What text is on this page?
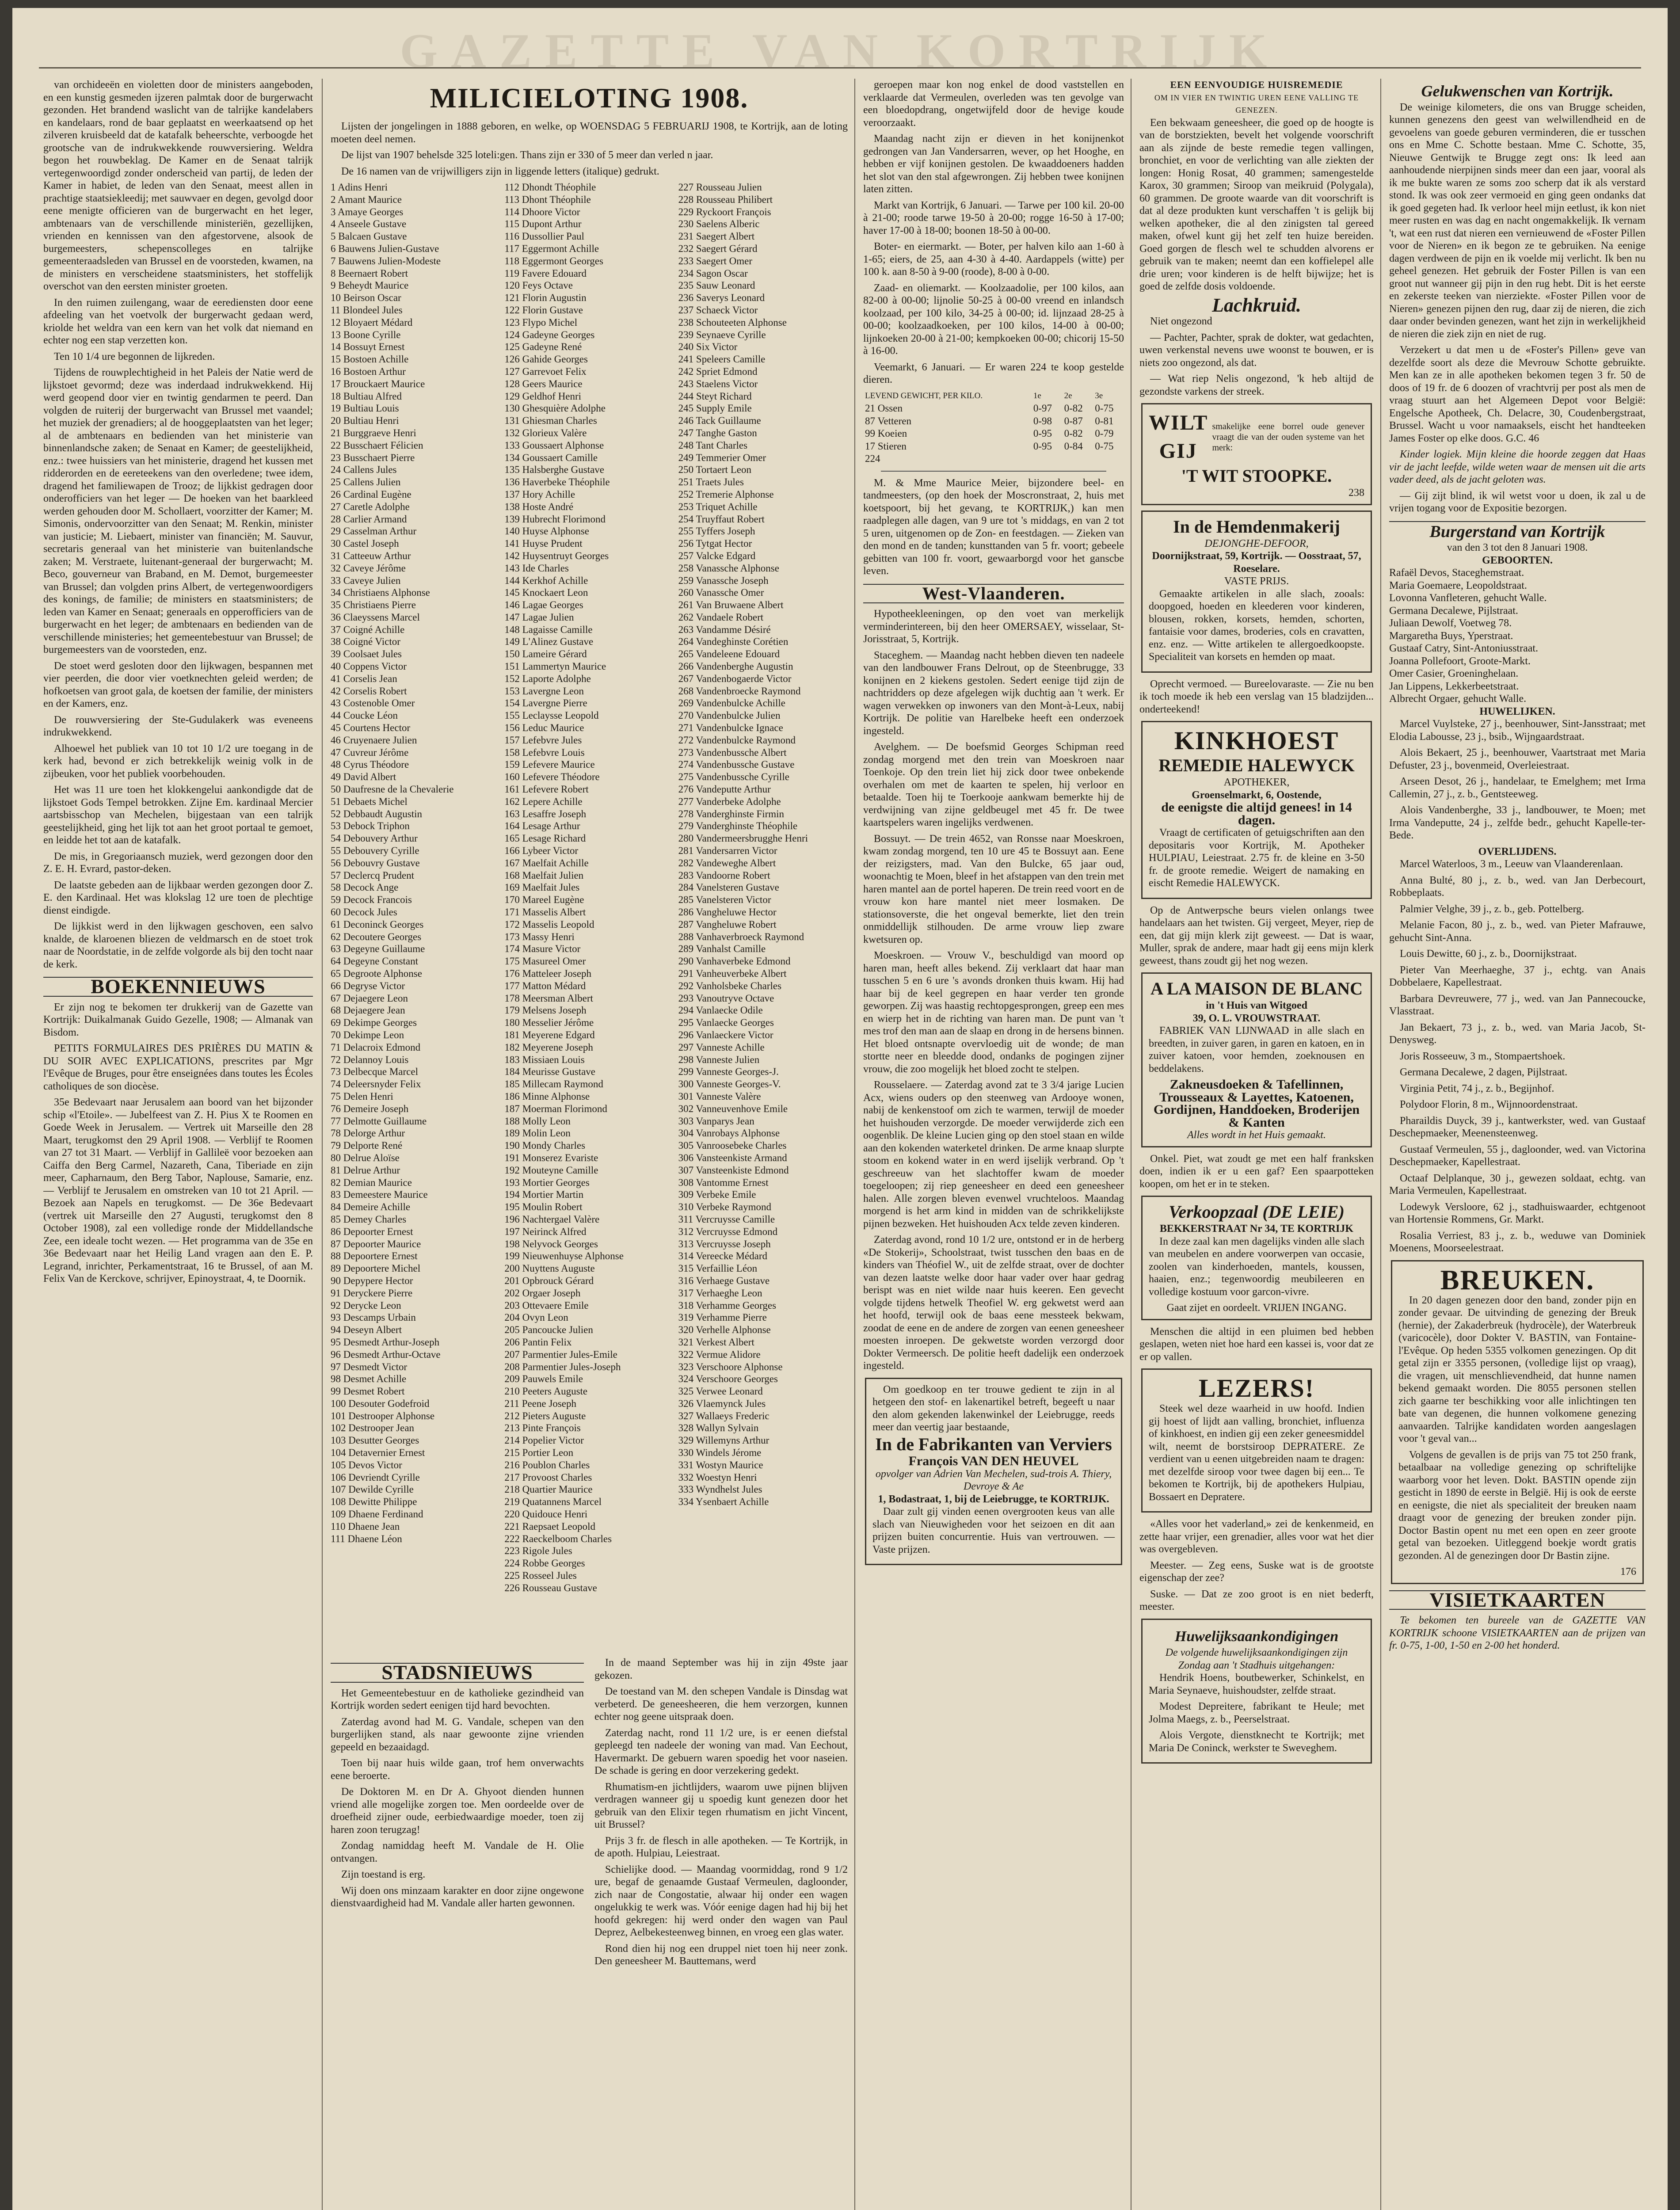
GAZETTE VAN KORTRIJK

van orchideeën en violetten door de ministers aangeboden, en een kunstig gesmeden ijzeren palmtak door de burgerwacht gezonden. Het brandend waslicht van de talrijke kandelabers en kandelaars, rond de baar geplaatst en weerkaatsend op het zilveren kruisbeeld dat de katafalk beheerschte, verboogde het grootsche van de indrukwekkende rouwversiering. Weldra begon het rouwbeklag. De Kamer en de Senaat talrijk vertegenwoordigd zonder onderscheid van partij, de leden der Kamer in habiet, de leden van den Senaat, meest allen in prachtige staatsiekleedij; met sauwvaer en degen, gevolgd door eene menigte officieren van de burgerwacht en het leger, ambtenaars van de verschillende ministeriën, gezellijken, vrienden en kennissen van den afgestorvene, alsook de burgemeesters, schepenscolleges en talrijke gemeenteraadsleden van Brussel en de voorsteden, kwamen, na de ministers en verscheidene staatsministers, het stoffelijk overschot van den eersten minister groeten.

In den ruimen zuilengang, waar de eerediensten door eene afdeeling van het voetvolk der burgerwacht gedaan werd, kriolde het weldra van een kern van het volk dat niemand en echter nog een stap verzetten kon.

Ten 10 1/4 ure begonnen de lijkreden.

Tijdens de rouwplechtigheid in het Paleis der Natie werd de lijkstoet gevormd; deze was inderdaad indrukwekkend. Hij werd geopend door vier en twintig gendarmen te peerd. Dan volgden de ruiterij der burgerwacht van Brussel met vaandel; het muziek der grenadiers; al de hooggeplaatsten van het leger; al de ambtenaars en bedienden van het ministerie van binnenlandsche zaken; de Senaat en Kamer; de geestelijkheid, enz.: twee huissiers van het ministerie, dragend het kussen met ridderorden en de eereteekens van den overledene; twee idem, dragend het familiewapen de Trooz; de lijkkist gedragen door onderofficiers van het leger — De hoeken van het baarkleed werden gehouden door M. Schollaert, voorzitter der Kamer; M. Simonis, ondervoorzitter van den Senaat; M. Renkin, minister van justicie; M. Liebaert, minister van financiën; M. Sauvur, secretaris generaal van het ministerie van buitenlandsche zaken; M. Verstraete, luitenant-generaal der burgerwacht; M. Beco, gouverneur van Braband, en M. Demot, burgemeester van Brussel; dan volgden prins Albert, de vertegenwoordigers des konings, de familie; de ministers en staatsministers; de leden van Kamer en Senaat; generaals en opperofficiers van de burgerwacht en het leger; de ambtenaars en bedienden van de verschillende ministeries; het gemeentebestuur van Brussel; de burgemeesters van de voorsteden, enz.

De stoet werd gesloten door den lijkwagen, bespannen met vier peerden, die door vier voetknechten geleid werden; de hofkoetsen van groot gala, de koetsen der familie, der ministers en der Kamers, enz.

De rouwversiering der Ste-Gudulakerk was eveneens indrukwekkend.

Alhoewel het publiek van 10 tot 10 1/2 ure toegang in de kerk had, bevond er zich betrekkelijk weinig volk in de zijbeuken, voor het publiek voorbehouden.

Het was 11 ure toen het klokkengelui aankondigde dat de lijkstoet Gods Tempel betrokken. Zijne Em. kardinaal Mercier aartsbisschop van Mechelen, bijgestaan van een talrijk geestelijkheid, ging het lijk tot aan het groot portaal te gemoet, en leidde het tot aan de katafalk.

De mis, in Gregoriaansch muziek, werd gezongen door den Z. E. H. Evrard, pastor-deken.

De laatste gebeden aan de lijkbaar werden gezongen door Z. E. den Kardinaal. Het was klokslag 12 ure toen de plechtige dienst eindigde.

De lijkkist werd in den lijkwagen geschoven, een salvo knalde, de klaroenen bliezen de veldmarsch en de stoet trok naar de Noordstatie, in de zelfde volgorde als bij den tocht naar de kerk.

BOEKENNIEUWS

Er zijn nog te bekomen ter drukkerij van de Gazette van Kortrijk: Duikalmanak Guido Gezelle, 1908; — Almanak van Bisdom.

PETITS FORMULAIRES DES PRIÈRES DU MATIN & DU SOIR AVEC EXPLICATIONS, prescrites par Mgr l'Evêque de Bruges, pour être enseignées dans toutes les Écoles catholiques de son diocèse.

35e Bedevaart naar Jerusalem aan boord van het bijzonder schip «l'Etoile». — Jubelfeest van Z. H. Pius X te Roomen en Goede Week in Jerusalem. — Vertrek uit Marseille den 28 Maart, terugkomst den 29 April 1908. — Verblijf te Roomen van 27 tot 31 Maart. — Verblijf in Gallileë voor bezoeken aan Caiffa den Berg Carmel, Nazareth, Cana, Tiberiade en zijn meer, Capharnaum, den Berg Tabor, Naplouse, Samarie, enz. — Verblijf te Jerusalem en omstreken van 10 tot 21 April. — Bezoek aan Napels en terugkomst. — De 36e Bedevaart (vertrek uit Marseille den 27 Augusti, terugkomst den 8 October 1908), zal een volledige ronde der Middellandsche Zee, een ideale tocht wezen. — Het programma van de 35e en 36e Bedevaart naar het Heilig Land vragen aan den E. P. Legrand, inrichter, Perkamentstraat, 16 te Brussel, of aan M. Felix Van de Kerckove, schrijver, Epinoystraat, 4, te Doornik.

MILICIELOTING 1908.

Lijsten der jongelingen in 1888 geboren, en welke, op WOENSDAG 5 FEBRUARIJ 1908, te Kortrijk, aan de loting moeten deel nemen.

De lijst van 1907 behelsde 325 loteli:gen. Thans zijn er 330 of 5 meer dan verled n jaar.

De 16 namen van de vrijwilligers zijn in liggende letters (italique) gedrukt.

1 Adins Henri
2 Amant Maurice
3 Amaye Georges
4 Anseele Gustave
5 Balcaen Gustave
6 Bauwens Julien-Gustave
7 Bauwens Julien-Modeste
8 Beernaert Robert
9 Beheydt Maurice
10 Beirson Oscar
11 Blondeel Jules
12 Bloyaert Médard
13 Boone Cyrille
14 Bossuyt Ernest
15 Bostoen Achille
16 Bostoen Arthur
17 Brouckaert Maurice
18 Bultiau Alfred
19 Bultiau Louis
20 Bultiau Henri
21 Burggraeve Henri
22 Busschaert Félicien
23 Busschaert Pierre
24 Callens Jules
25 Callens Julien
26 Cardinal Eugène
27 Caretle Adolphe
28 Carlier Armand
29 Casselman Arthur
30 Castel Joseph
31 Catteeuw Arthur
32 Caveye Jérôme
33 Caveye Julien
34 Christiaens Alphonse
35 Christiaens Pierre
36 Claeyssens Marcel
37 Coigné Achille
38 Coigné Victor
39 Coolsaet Jules
40 Coppens Victor
41 Corselis Jean
42 Corselis Robert
43 Costenoble Omer
44 Coucke Léon
45 Courtens Hector
46 Cruyenaere Julien
47 Cuvreur Jérôme
48 Cyrus Théodore
49 David Albert
50 Daufresne de la Chevalerie
51 Debaets Michel
52 Debbaudt Augustin
53 Debock Triphon
54 Debouvery Arthur
55 Debouvery Cyrille
56 Debouvry Gustave
57 Declercq Prudent
58 Decock Ange
59 Decock Francois
60 Decock Jules
61 Deconinck Georges
62 Decoutere Georges
63 Degeyne Guillaume
64 Degeyne Constant
65 Degroote Alphonse
66 Degryse Victor
67 Dejaegere Leon
68 Dejaegere Jean
69 Dekimpe Georges
70 Dekimpe Leon
71 Delacroix Edmond
72 Delannoy Louis
73 Delbecque Marcel
74 Deleersnyder Felix
75 Delen Henri
76 Demeire Joseph
77 Delmotte Guillaume
78 Delorge Arthur
79 Delporte René
80 Delrue Aloïse
81 Delrue Arthur
82 Demian Maurice
83 Demeestere Maurice
84 Demeire Achille
85 Demey Charles
86 Depoorter Ernest
87 Depoorter Maurice
88 Depoortere Ernest
89 Depoortere Michel
90 Depypere Hector
91 Deryckere Pierre
92 Derycke Leon
93 Descamps Urbain
94 Deseyn Albert
95 Desmedt Arthur-Joseph
96 Desmedt Arthur-Octave
97 Desmedt Victor
98 Desmet Achille
99 Desmet Robert
100 Desouter Godefroid
101 Destrooper Alphonse
102 Destrooper Jean
103 Desutter Georges
104 Detavernier Ernest
105 Devos Victor
106 Devriendt Cyrille
107 Dewilde Cyrille
108 Dewitte Philippe
109 Dhaene Ferdinand
110 Dhaene Jean
111 Dhaene Léon
112 Dhondt Théophile
113 Dhont Théophile
114 Dhoore Victor
115 Dupont Arthur
116 Dussollier Paul
117 Eggermont Achille
118 Eggermont Georges
119 Favere Edouard
120 Feys Octave
121 Florin Augustin
122 Florin Gustave
123 Flypo Michel
124 Gadeyne Georges
125 Gadeyne René
126 Gahide Georges
127 Garrevoet Felix
128 Geers Maurice
129 Geldhof Henri
130 Ghesquière Adolphe
131 Ghiesman Charles
132 Glorieux Valère
133 Goussaert Alphonse
134 Goussaert Camille
135 Halsberghe Gustave
136 Haverbeke Théophile
137 Hory Achille
138 Hoste André
139 Hubrecht Florimond
140 Huyse Alphonse
141 Huyse Prudent
142 Huysentruyt Georges
143 Ide Charles
144 Kerkhof Achille
145 Knockaert Leon
146 Lagae Georges
147 Lagae Julien
148 Lagaisse Camille
149 L'Alinez Gustave
150 Lameire Gérard
151 Lammertyn Maurice
152 Laporte Adolphe
153 Lavergne Leon
154 Lavergne Pierre
155 Leclaysse Leopold
156 Leduc Maurice
157 Lefebvre Jules
158 Lefebvre Louis
159 Lefevere Maurice
160 Lefevere Théodore
161 Lefevere Robert
162 Lepere Achille
163 Lesaffre Joseph
164 Lesage Arthur
165 Lesage Richard
166 Lybeer Victor
167 Maelfait Achille
168 Maelfait Julien
169 Maelfait Jules
170 Mareel Eugène
171 Masselis Albert
172 Masselis Leopold
173 Massy Henri
174 Masure Victor
175 Masureel Omer
176 Matteleer Joseph
177 Matton Médard
178 Meersman Albert
179 Melsens Joseph
180 Messelier Jérôme
181 Meyerene Edgard
182 Meyerene Joseph
183 Missiaen Louis
184 Meurisse Gustave
185 Millecam Raymond
186 Minne Alphonse
187 Moerman Florimond
188 Molly Leon
189 Molin Leon
190 Mondy Charles
191 Monserez Evariste
192 Mouteyne Camille
193 Mortier Georges
194 Mortier Martin
195 Moulin Robert
196 Nachtergael Valère
197 Neirinck Alfred
198 Nelyvock Georges
199 Nieuwenhuyse Alphonse
200 Nuyttens Auguste
201 Opbrouck Gérard
202 Orgaer Joseph
203 Ottevaere Emile
204 Ovyn Leon
205 Pancoucke Julien
206 Pantin Felix
207 Parmentier Jules-Emile
208 Parmentier Jules-Joseph
209 Pauwels Emile
210 Peeters Auguste
211 Peene Joseph
212 Pieters Auguste
213 Pinte François
214 Popelier Victor
215 Portier Leon
216 Poublon Charles
217 Provoost Charles
218 Quartier Maurice
219 Quatannens Marcel
220 Quidouce Henri
221 Raepsaet Leopold
222 Raeckelboom Charles
223 Rigole Jules
224 Robbe Georges
225 Rosseel Jules
226 Rousseau Gustave
227 Rousseau Julien
228 Rousseau Philibert
229 Ryckoort François
230 Saelens Alberic
231 Saegert Albert
232 Saegert Gérard
233 Saegert Omer
234 Sagon Oscar
235 Sauw Leonard
236 Saverys Leonard
237 Schaeck Victor
238 Schouteeten Alphonse
239 Seynaeve Cyrille
240 Six Victor
241 Speleers Camille
242 Spriet Edmond
243 Staelens Victor
244 Steyt Richard
245 Supply Emile
246 Tack Guillaume
247 Tanghe Gaston
248 Tant Charles
249 Temmerier Omer
250 Tortaert Leon
251 Traets Jules
252 Tremerie Alphonse
253 Triquet Achille
254 Truyffaut Robert
255 Tyffers Joseph
256 Tytgat Hector
257 Valcke Edgard
258 Vanassche Alphonse
259 Vanassche Joseph
260 Vanassche Omer
261 Van Bruwaene Albert
262 Vandaele Robert
263 Vandamme Désiré
264 Vandeghinste Corétien
265 Vandeleene Edouard
266 Vandenberghe Augustin
267 Vandenbogaerde Victor
268 Vandenbroecke Raymond
269 Vandenbulcke Achille
270 Vandenbulcke Julien
271 Vandenbulcke Ignace
272 Vandenbulcke Raymond
273 Vandenbussche Albert
274 Vandenbussche Gustave
275 Vandenbussche Cyrille
276 Vandeputte Arthur
277 Vanderbeke Adolphe
278 Vanderghinste Firmin
279 Vanderghinste Théophile
280 Vandermeersbrugghe Henri
281 Vandersarren Victor
282 Vandeweghe Albert
283 Vandoorne Robert
284 Vanelsteren Gustave
285 Vanelsteren Victor
286 Vangheluwe Hector
287 Vangheluwe Robert
288 Vanhaverbroeck Raymond
289 Vanhalst Camille
290 Vanhaverbeke Edmond
291 Vanheuverbeke Albert
292 Vanholsbeke Charles
293 Vanoutryve Octave
294 Vanlaecke Odile
295 Vanlaecke Georges
296 Vanlaeckere Victor
297 Vanneste Achille
298 Vanneste Julien
299 Vanneste Georges-J.
300 Vanneste Georges-V.
301 Vanneste Valère
302 Vanneuvenhove Emile
303 Vanparys Jean
304 Vanrobays Alphonse
305 Vanroosebeke Charles
306 Vansteenkiste Armand
307 Vansteenkiste Edmond
308 Vantomme Ernest
309 Verbeke Emile
310 Verbeke Raymond
311 Vercruysse Camille
312 Vercruysse Edmond
313 Vercruysse Joseph
314 Vereecke Médard
315 Verfaillie Léon
316 Verhaege Gustave
317 Verhaeghe Leon
318 Verhamme Georges
319 Verhamme Pierre
320 Verhelle Alphonse
321 Verkest Albert
322 Vermue Alidore
323 Verschoore Alphonse
324 Verschoore Georges
325 Verwee Leonard
326 Vlaemynck Jules
327 Wallaeys Frederic
328 Wallyn Sylvain
329 Willemyns Arthur
330 Windels Jérome
331 Wostyn Maurice
332 Woestyn Henri
333 Wyndhelst Jules
334 Ysenbaert Achille
STADSNIEUWS

Het Gemeentebestuur en de katholieke gezindheid van Kortrijk worden sedert eenigen tijd hard bevochten.

Zaterdag avond had M. G. Vandale, schepen van den burgerlijken stand, als naar gewoonte zijne vrienden gepeeld en bezaaidagd.

Toen bij naar huis wilde gaan, trof hem onverwachts eene beroerte.

De Doktoren M. en Dr A. Ghyoot dienden hunnen vriend alle mogelijke zorgen toe. Men oordeelde over de droefheid zijner oude, eerbiedwaardige moeder, toen zij haren zoon terugzag!

Zondag namiddag heeft M. Vandale de H. Olie ontvangen.

Zijn toestand is erg.

Wij doen ons minzaam karakter en door zijne ongewone dienstvaardigheid had M. Vandale aller harten gewonnen.

In de maand September was hij in zijn 49ste jaar gekozen.

De toestand van M. den schepen Vandale is Dinsdag wat verbeterd. De geneesheeren, die hem verzorgen, kunnen echter nog geene uitspraak doen.

Zaterdag nacht, rond 11 1/2 ure, is er eenen diefstal gepleegd ten nadeele der woning van mad. Van Eechout, Havermarkt. De gebuern waren spoedig het voor naseien. De schade is gering en door verzekering gedekt.

Rhumatism-en jichtlijders, waarom uwe pijnen blijven verdragen wanneer gij u spoedig kunt genezen door het gebruik van den Elixir tegen rhumatism en jicht Vincent, uit Brussel?

Prijs 3 fr. de flesch in alle apotheken. — Te Kortrijk, in de apoth. Hulpiau, Leiestraat.

Schielijke dood. — Maandag voormiddag, rond 9 1/2 ure, begaf de genaamde Gustaaf Vermeulen, dagloonder, zich naar de Congostatie, alwaar hij onder een wagen ongelukkig te werk was. Vóór eenige dagen had hij bij het hoofd gekregen: hij werd onder den wagen van Paul Deprez, Aelbekesteenweg binnen, en vroeg een glas water.

Rond dien hij nog een druppel niet toen hij neer zonk. Den geneesheer M. Bauttemans, werd

geroepen maar kon nog enkel de dood vaststellen en verklaarde dat Vermeulen, overleden was ten gevolge van een bloedopdrang, ongetwijfeld door de hevige koude veroorzaakt.

Maandag nacht zijn er dieven in het konijnenkot gedrongen van Jan Vandersarren, wever, op het Hooghe, en hebben er vijf konijnen gestolen. De kwaaddoeners hadden het slot van den stal afgewrongen. Zij hebben twee konijnen laten zitten.

Markt van Kortrijk, 6 Januari. — Tarwe per 100 kil. 20-00 à 21-00; roode tarwe 19-50 à 20-00; rogge 16-50 à 17-00; haver 17-00 à 18-00; boonen 18-50 à 00-00.

Boter- en eiermarkt. — Boter, per halven kilo aan 1-60 à 1-65; eiers, de 25, aan 4-30 à 4-40. Aardappels (witte) per 100 k. aan 8-50 à 9-00 (roode), 8-00 à 0-00.

Zaad- en oliemarkt. — Koolzaadolie, per 100 kilos, aan 82-00 à 00-00; lijnolie 50-25 à 00-00 vreend en inlandsch koolzaad, per 100 kilo, 34-25 à 00-00; id. lijnzaad 28-25 à 00-00; koolzaadkoeken, per 100 kilos, 14-00 à 00-00; lijnkoeken 20-00 à 21-00; kempkoeken 00-00; chicorij 15-50 à 16-00.

Veemarkt, 6 Januari. — Er waren 224 te koop gestelde dieren.

LEVEND GEWICHT, PER KILO.	1e	2e	3e
21 Ossen	0-97	0-82	0-75
87 Vetteren	0-98	0-87	0-81
99 Koeien	0-95	0-82	0-79
17 Stieren	0-95	0-84	0-75
224			

M. & Mme Maurice Meier, bijzondere beel- en tandmeesters, (op den hoek der Moscronstraat, 2, huis met koetspoort, bij het gevang, te KORTRIJK,) kan men raadplegen alle dagen, van 9 ure tot 's middags, en van 2 tot 5 uren, uitgenomen op de Zon- en feestdagen. — Zieken van den mond en de tanden; kunsttanden van 5 fr. voort; gebeele gebitten van 100 fr. voort, gewaarborgd voor het ganscbe leven.

West-Vlaanderen.

Hypotheekleeningen, op den voet van merkelijk verminderintereen, bij den heer OMERSAEY, wisselaar, St-Jorisstraat, 5, Kortrijk.

Staceghem. — Maandag nacht hebben dieven ten nadeele van den landbouwer Frans Delrout, op de Steenbrugge, 33 konijnen en 2 kiekens gestolen. Sedert eenige tijd zijn de nachtridders op deze afgelegen wijk duchtig aan 't werk. Er wagen verwekken op inwoners van den Mont-à-Leux, nabij Kortrijk. De politie van Harelbeke heeft een onderzoek ingesteld.

Avelghem. — De boefsmid Georges Schipman reed zondag morgend met den trein van Moeskroen naar Toenkoje. Op den trein liet hij zick door twee onbekende overhalen om met de kaarten te spelen, hij verloor en betaalde. Toen hij te Toerkooje aankwam bemerkte hij de verdwijning van zijne geldbeugel met 45 fr. De twee kaartspelers waren ingelijks verdwenen.

Bossuyt. — De trein 4652, van Ronsse naar Moeskroen, kwam zondag morgend, ten 10 ure 45 te Bossuyt aan. Eene der reizigsters, mad. Van den Bulcke, 65 jaar oud, woonachtig te Moen, bleef in het afstappen van den trein met haren mantel aan de portel haperen. De trein reed voort en de vrouw kon hare mantel niet meer losmaken. De stationsoverste, die het ongeval bemerkte, liet den trein onmiddellijk stilhouden. De arme vrouw liep zware kwetsuren op.

Moeskroen. — Vrouw V., beschuldigd van moord op haren man, heeft alles bekend. Zij verklaart dat haar man tusschen 5 en 6 ure 's avonds dronken thuis kwam. Hij had haar bij de keel gegrepen en haar verder ten gronde geworpen. Zij was haastig rechtopgesprongen, greep een mes en wierp het in de richting van haren man. De punt van 't mes trof den man aan de slaap en drong in de hersens binnen. Het bloed ontsnapte overvloedig uit de wonde; de man stortte neer en bleedde dood, ondanks de pogingen zijner vrouw, die zoo mogelijk het bloed zocht te stelpen.

Rousselaere. — Zaterdag avond zat te 3 3/4 jarige Lucien Acx, wiens ouders op den steenweg van Ardooye wonen, nabij de kenkenstoof om zich te warmen, terwijl de moeder het huishouden verzorgde. De moeder verwijderde zich een oogenblik. De kleine Lucien ging op den stoel staan en wilde aan den kokenden waterketel drinken. De arme knaap slurpte stoom en kokend water in en werd ijselijk verbrand. Op 't geschreeuw van het slachtoffer kwam de moeder toegeloopen; zij riep geneesheer en deed een geneesheer halen. Alle zorgen bleven evenwel vruchteloos. Maandag morgend is het arm kind in midden van de schrikkelijkste pijnen bezweken. Het huishouden Acx telde zeven kinderen.

Zaterdag avond, rond 10 1/2 ure, ontstond er in de herberg «De Stokerij», Schoolstraat, twist tusschen den baas en de kinders van Théofiel W., uit de zelfde straat, over de dochter van dezen laatste welke door haar vader over haar gedrag berispt was en niet wilde naar huis keeren. Een gevecht volgde tijdens hetwelk Theofiel W. erg gekwetst werd aan het hoofd, terwijl ook de baas eene messteek bekwam, zoodat de eene en de andere de zorgen van eenen geneesheer moesten inroepen. De gekwetste worden verzorgd door Dokter Vermeersch. De politie heeft dadelijk een onderzoek ingesteld.

Om goedkoop en ter trouwe gedient te zijn in al hetgeen den stof- en lakenartikel betreft, begeeft u naar den alom gekenden lakenwinkel der Leiebrugge, reeds meer dan veertig jaar bestaande,

In de Fabrikanten van Verviers
François VAN DEN HEUVEL
opvolger van Adrien Van Mechelen, sud-trois A. Thiery, Devroye & Ae
1, Bodastraat, 1, bij de Leiebrugge, te KORTRIJK.

Daar zult gij vinden eenen overgrooten keus van alle slach van Nieuwigheden voor het seizoen en dit aan prijzen buiten concurrentie. Huis van vertrouwen. — Vaste prijzen.

EEN EENVOUDIGE HUISREMEDIE
OM IN VIER EN TWINTIG UREN EENE VALLING TE GENEZEN.

Een bekwaam geneesheer, die goed op de hoogte is van de borstziekten, bevelt het volgende voorschrift aan als zijnde de beste remedie tegen vallingen, bronchiet, en voor de verlichting van alle ziekten der longen: Honig Rosat, 40 grammen; samengestelde Karox, 30 grammen; Siroop van meikruid (Polygala), 60 grammen. De groote waarde van dit voorschrift is dat al deze produkten kunt verschaffen 't is gelijk bij welken apotheker, die al den zinigsten tal gereed maken, ofwel kunt gij het zelf ten huize bereiden. Goed gorgen de flesch wel te schudden alvorens er gebruik van te maken; neemt dan een koffielepel alle drie uren; voor kinderen is de helft bijwijze; het is goed de zelfde dosis voldoende.

Lachkruid.

Niet ongezond

— Pachter, Pachter, sprak de dokter, wat gedachten, uwen verkenstal nevens uwe woonst te bouwen, er is niets zoo ongezond, als dat.

— Wat riep Nelis ongezond, 'k heb altijd de gezondste varkens der streek.

WILT GIJ
smakelijke eene borrel oude genever vraagt die van der ouden systeme van het merk:
'T WIT STOOPKE.
238
In de Hemdenmakerij
DEJONGHE-DEFOOR,
Doornijkstraat, 59, Kortrijk. — Oosstraat, 57, Roeselare.
VASTE PRIJS.

Gemaakte artikelen in alle slach, zooals: doopgoed, hoeden en kleederen voor kinderen, blousen, rokken, korsets, hemden, schorten, fantaisie voor dames, broderies, cols en cravatten, enz. enz. — Witte artikelen te allergoedkoopste. Specialiteit van korsets en hemden op maat.

Oprecht vermoed. — Bureelovaraste. — Zie nu ben ik toch moede ik heb een verslag van 15 bladzijden... onderteekend!

KINKHOEST
REMEDIE HALEWYCK
APOTHEKER,
Groenselmarkt, 6, Oostende,
de eenigste die altijd genees! in 14 dagen.

Vraagt de certificaten of getuigschriften aan den depositaris voor Kortrijk, M. Apotheker HULPIAU, Leiestraat. 2.75 fr. de kleine en 3-50 fr. de groote remedie. Weigert de namaking en eischt Remedie HALEWYCK.

Op de Antwerpsche beurs vielen onlangs twee handelaars aan het twisten. Gij vergeet, Meyer, riep de een, dat gij mijn klerk zijt geweest. — Dat is waar, Muller, sprak de andere, maar hadt gij eens mijn klerk geweest, thans zoudt gij het nog wezen.

A LA MAISON DE BLANC
in 't Huis van Witgoed
39, O. L. VROUWSTRAAT.

FABRIEK VAN LIJNWAAD in alle slach en breedten, in zuiver garen, in garen en katoen, en in zuiver katoen, voor hemden, zoeknousen en beddelakens.

Zakneusdoeken & Tafellinnen, Trousseaux & Layettes, Katoenen, Gordijnen, Handdoeken, Broderijen & Kanten
Alles wordt in het Huis gemaakt.

Onkel. Piet, wat zoudt ge met een half franksken doen, indien ik er u een gaf? Een spaarpotteken koopen, om het er in te steken.

Verkoopzaal (DE LEIE)
BEKKERSTRAAT Nr 34, TE KORTRIJK

In deze zaal kan men dagelijks vinden alle slach van meubelen en andere voorwerpen van occasie, zoolen van kinderhoeden, mantels, koussen, haaien, enz.; tegenwoordig meubileeren en volledige kostuum voor garcon-vivre.

Gaat zijet en oordeelt. VRIJEN INGANG.

Menschen die altijd in een pluimen bed hebben geslapen, weten niet hoe hard een kassei is, voor dat ze er op vallen.

LEZERS!

Steek wel deze waarheid in uw hoofd. Indien gij hoest of lijdt aan valling, bronchiet, influenza of kinkhoest, en indien gij een zeker geneesmiddel wilt, neemt de borstsiroop DEPRATERE. Ze verdient van u eenen uitgebreiden naam te dragen: met dezelfde siroop voor twee dagen bij een... Te bekomen te Kortrijk, bij de apothekers Hulpiau, Bossaert en Depratere.

«Alles voor het vaderland,» zei de kenkenmeid, en zette haar vrijer, een grenadier, alles voor wat het dier was overgebleven.

Meester. — Zeg eens, Suske wat is de grootste eigenschap der zee?

Suske. — Dat ze zoo groot is en niet bederft, meester.

Huwelijksaankondigingen
De volgende huwelijksaankondigingen zijn Zondag aan 't Stadhuis uitgehangen:

Hendrik Hoens, boutbewerker, Schinkelst, en Maria Seynaeve, huishoudster, zelfde straat.

Modest Depreitere, fabrikant te Heule; met Jolma Maegs, z. b., Peerselstraat.

Alois Vergote, dienstknecht te Kortrijk; met Maria De Coninck, werkster te Sweveghem.

Gelukwenschen van Kortrijk.

De weinige kilometers, die ons van Brugge scheiden, kunnen genezens den geest van welwillendheid en de gevoelens van goede geburen verminderen, die er tusschen ons en Mme C. Schotte bestaan. Mme C. Schotte, 35, Nieuwe Gentwijk te Brugge zegt ons: Ik leed aan aanhoudende nierpijnen sinds meer dan een jaar, vooral als ik me bukte waren ze soms zoo scherp dat ik als verstard stond. Ik was ook zeer vermoeid en ging geen ondanks dat ik goed gegeten had. Ik verloor heel mijn eetlust, ik kon niet meer rusten en was dag en nacht ongemakkelijk. Ik vernam 't, wat een rust dat nieren een vernieuwend de «Foster Pillen voor de Nieren» en ik begon ze te gebruiken. Na eenige dagen verdween de pijn en ik voelde mij verlicht. Ik ben nu geheel genezen. Het gebruik der Foster Pillen is van een groot nut wanneer gij pijn in den rug hebt. Dit is het eerste en zekerste teeken van nierziekte. «Foster Pillen voor de Nieren» genezen pijnen den rug, daar zij de nieren, die zich daar onder bevinden genezen, want het zijn in werkelijkheid de nieren die ziek zijn en niet de rug.

Verzekert u dat men u de «Foster's Pillen» geve van dezelfde soort als deze die Mevrouw Schotte gebruikte. Men kan ze in alle apotheken bekomen tegen 3 fr. 50 de doos of 19 fr. de 6 doozen of vrachtvrij per post als men de vraag stuurt aan het Algemeen Depot voor België: Engelsche Apotheek, Ch. Delacre, 30, Coudenbergstraat, Brussel. Wacht u voor namaaksels, eischt het handteeken James Foster op elke doos. G.C. 46

Kinder logiek. Mijn kleine die hoorde zeggen dat Haas vir de jacht leefde, wilde weten waar de mensen uit die arts vader deed, als de jacht geloten was.

— Gij zijt blind, ik wil wetst voor u doen, ik zal u de vrijen togang voor de Expositie bezorgen.

Burgerstand van Kortrijk
van den 3 tot den 8 Januari 1908.
GEBOORTEN.
Rafaël Devos, Staceghemstraat.
Maria Goemaere, Leopoldstraat.
Lovonna Vanfleteren, gehucht Walle.
Germana Decalewe, Pijlstraat.
Juliaan Dewolf, Voetweg 78.
Margaretha Buys, Yperstraat.
Gustaaf Catry, Sint-Antoniusstraat.
Joanna Pollefoort, Groote-Markt.
Omer Casier, Groeninghelaan.
Jan Lippens, Lekkerbeetstraat.
Albrecht Orgaer, gehucht Walle.
HUWELIJKEN.

Marcel Vuylsteke, 27 j., beenhouwer, Sint-Jansstraat; met Elodia Labousse, 23 j., bsib., Wijngaardstraat.

Alois Bekaert, 25 j., beenhouwer, Vaartstraat met Maria Defuster, 23 j., bovenmeid, Overleiestraat.

Arseen Desot, 26 j., handelaar, te Emelghem; met Irma Callemin, 27 j., z. b., Gentsteeweg.

Alois Vandenberghe, 33 j., landbouwer, te Moen; met Irma Vandeputte, 24 j., zelfde bedr., gehucht Kapelle-ter-Bede.

OVERLIJDENS.

Marcel Waterloos, 3 m., Leeuw van Vlaanderenlaan.

Anna Bulté, 80 j., z. b., wed. van Jan Derbecourt, Robbeplaats.

Palmier Velghe, 39 j., z. b., geb. Pottelberg.

Melanie Facon, 80 j., z. b., wed. van Pieter Mafrauwe, gehucht Sint-Anna.

Louis Dewitte, 60 j., z. b., Doornijkstraat.

Pieter Van Meerhaeghe, 37 j., echtg. van Anais Dobbelaere, Kapellestraat.

Barbara Devreuwere, 77 j., wed. van Jan Pannecoucke, Vlasstraat.

Jan Bekaert, 73 j., z. b., wed. van Maria Jacob, St-Denysweg.

Joris Rosseeuw, 3 m., Stompaertshoek.

Germana Decalewe, 2 dagen, Pijlstraat.

Virginia Petit, 74 j., z. b., Begijnhof.

Polydoor Florin, 8 m., Wijnnoordenstraat.

Pharaildis Duyck, 39 j., kantwerkster, wed. van Gustaaf Deschepmaeker, Meenensteenweg.

Gustaaf Vermeulen, 55 j., dagloonder, wed. van Victorina Deschepmaeker, Kapellestraat.

Octaaf Delplanque, 30 j., gewezen soldaat, echtg. van Maria Vermeulen, Kapellestraat.

Lodewyk Versloore, 62 j., stadhuiswaarder, echtgenoot van Hortensie Rommens, Gr. Markt.

Rosalia Verriest, 83 j., z. b., weduwe van Dominiek Moenens, Moorseelestraat.

BREUKEN.

In 20 dagen genezen door den band, zonder pijn en zonder gevaar. De uitvinding de genezing der Breuk (hernie), der Zakaderbreuk (hydrocèle), der Waterbreuk (varicocèle), door Dokter V. BASTIN, van Fontaine-l'Evêque. Op heden 5355 volkomen genezingen. Op dit getal zijn er 3355 personen, (volledige lijst op vraag), die vragen, uit menschlievendheid, dat hunne namen bekend gemaakt worden. Die 8055 personen stellen zich gaarne ter beschikking voor alle inlichtingen ten bate van degenen, die hunnen volkomene genezing aanvaarden. Talrijke kandidaten worden aangeslagen voor 't geval van...

Volgens de gevallen is de prijs van 75 tot 250 frank, betaalbaar na volledige genezing op schriftelijke waarborg voor het leven. Dokt. BASTIN opende zijn gesticht in 1890 de eerste in België. Hij is ook de eerste en eenigste, die niet als specialiteit der breuken naam draagt voor de genezing der breuken zonder pijn. Doctor Bastin opent nu met een open en zeer groote getal van bezoeken. Uitleggend boekje wordt gratis gezonden. Al de genezingen door Dr Bastin zijne.

176
VISIETKAARTEN

Te bekomen ten bureele van de GAZETTE VAN KORTRIJK schoone VISIETKAARTEN aan de prijzen van fr. 0-75, 1-00, 1-50 en 2-00 het honderd.
